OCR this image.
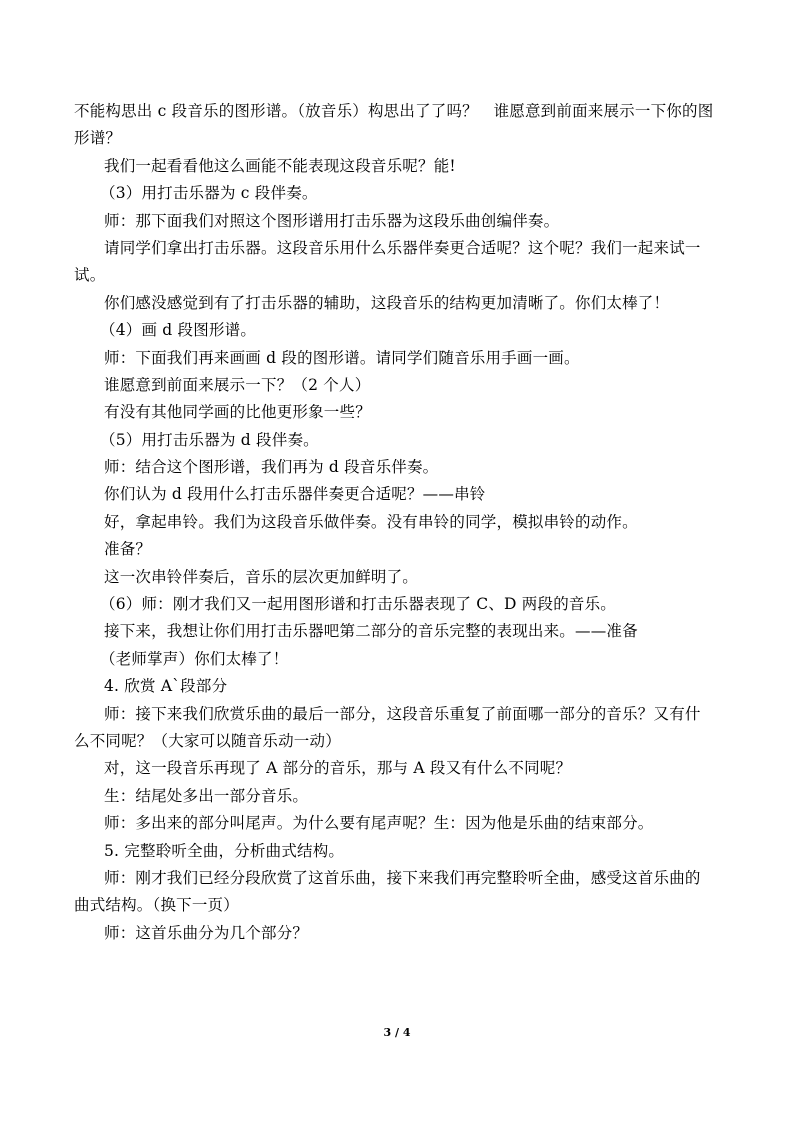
不能构思出 c 段音乐的图形谱。（放音乐）构思出了了吗？　谁愿意到前面来展示一下你的图
形谱？
我们一起看看他这么画能不能表现这段音乐呢？能!
（3）用打击乐器为 c 段伴奏。
师：那下面我们对照这个图形谱用打击乐器为这段乐曲创编伴奏。
请同学们拿出打击乐器。这段音乐用什么乐器伴奏更合适呢？这个呢？我们一起来试一
试。
你们感没感觉到有了打击乐器的辅助，这段音乐的结构更加清晰了。你们太棒了！
（4）画 d 段图形谱。
师：下面我们再来画画 d 段的图形谱。请同学们随音乐用手画一画。
谁愿意到前面来展示一下？（2 个人）
有没有其他同学画的比他更形象一些？
（5）用打击乐器为 d 段伴奏。
师：结合这个图形谱，我们再为 d 段音乐伴奏。
你们认为 d 段用什么打击乐器伴奏更合适呢？——串铃
好，拿起串铃。我们为这段音乐做伴奏。没有串铃的同学，模拟串铃的动作。
准备？
这一次串铃伴奏后，音乐的层次更加鲜明了。
（6）师：刚才我们又一起用图形谱和打击乐器表现了 C、D 两段的音乐。
接下来，我想让你们用打击乐器吧第二部分的音乐完整的表现出来。——准备
（老师掌声）你们太棒了！
4. 欣赏 A`段部分
师：接下来我们欣赏乐曲的最后一部分，这段音乐重复了前面哪一部分的音乐？又有什
么不同呢？（大家可以随音乐动一动）
对，这一段音乐再现了 A 部分的音乐，那与 A 段又有什么不同呢？
生：结尾处多出一部分音乐。
师：多出来的部分叫尾声。为什么要有尾声呢？生：因为他是乐曲的结束部分。
5. 完整聆听全曲，分析曲式结构。
师：刚才我们已经分段欣赏了这首乐曲，接下来我们再完整聆听全曲，感受这首乐曲的
曲式结构。（换下一页）
师：这首乐曲分为几个部分？
3 / 4
